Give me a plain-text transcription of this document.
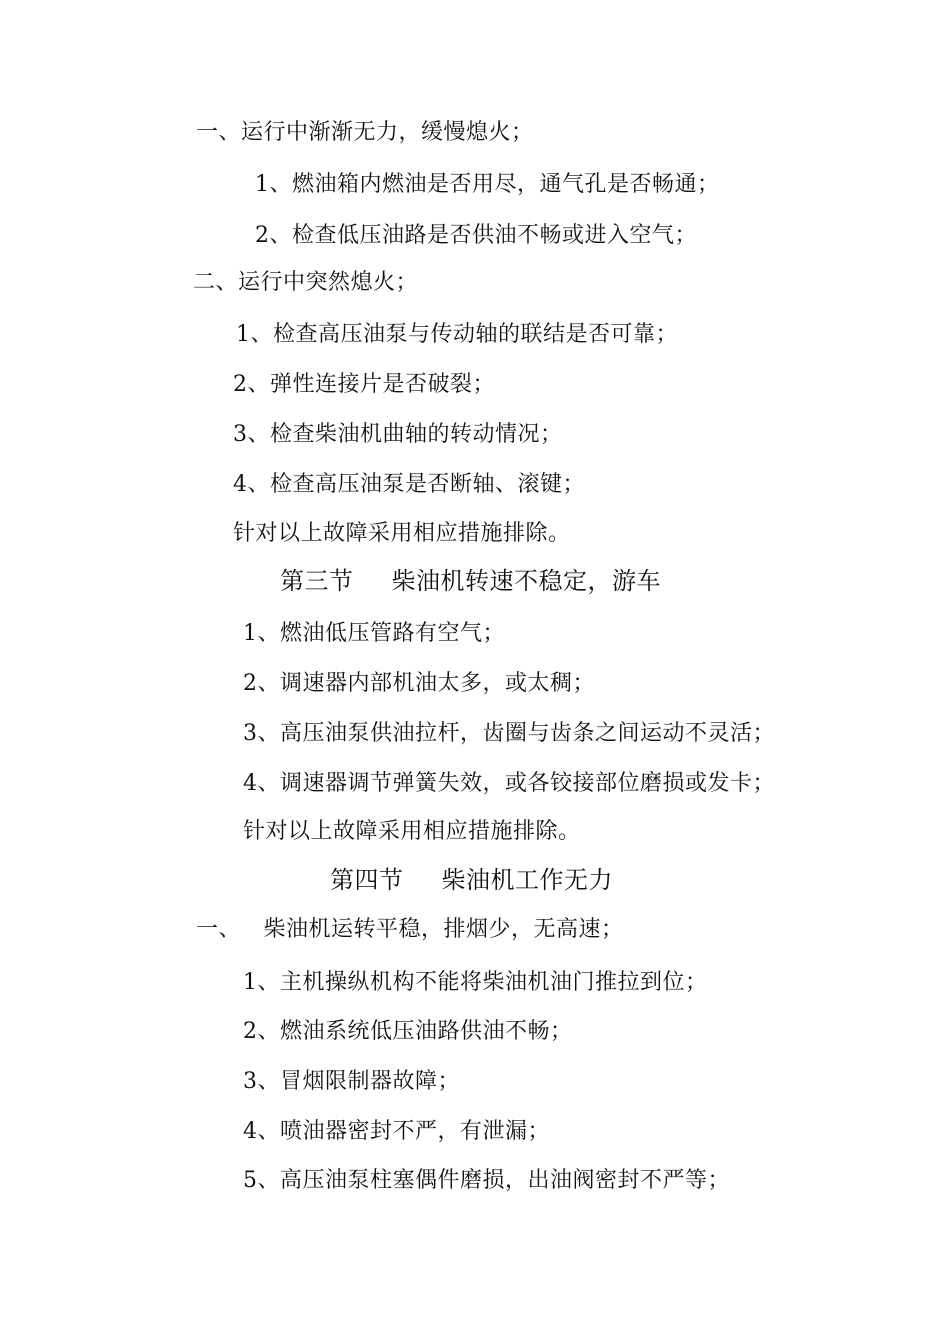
一、运行中渐渐无力，缓慢熄火；
1、燃油箱内燃油是否用尽，通气孔是否畅通；
2、检查低压油路是否供油不畅或进入空气；
二、运行中突然熄火；
1、检查高压油泵与传动轴的联结是否可靠；
2、弹性连接片是否破裂；
3、检查柴油机曲轴的转动情况；
4、检查高压油泵是否断轴、滚键；
针对以上故障采用相应措施排除。
第三节 柴油机转速不稳定，游车
1、燃油低压管路有空气；
2、调速器内部机油太多，或太稠；
3、高压油泵供油拉杆，齿圈与齿条之间运动不灵活；
4、调速器调节弹簧失效，或各铰接部位磨损或发卡；
针对以上故障采用相应措施排除。
第四节 柴油机工作无力
一、   柴油机运转平稳，排烟少，无高速；
1、主机操纵机构不能将柴油机油门推拉到位；
2、燃油系统低压油路供油不畅；
3、冒烟限制器故障；
4、喷油器密封不严，有泄漏；
5、高压油泵柱塞偶件磨损，出油阀密封不严等；
